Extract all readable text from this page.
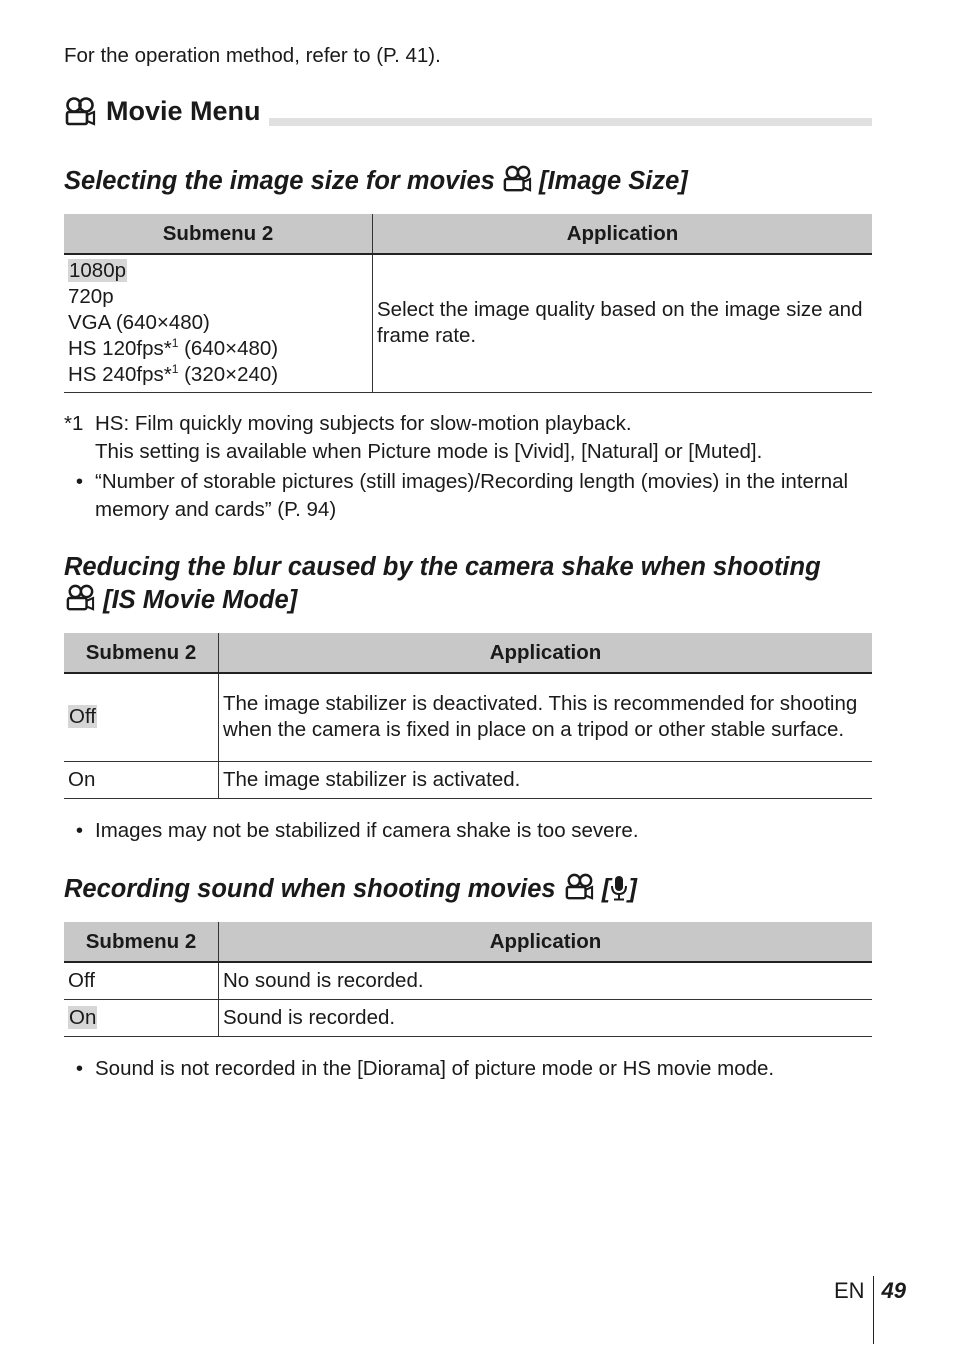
For the operation method, refer to (P. 41).
Movie Menu
Selecting the image size for movies [Image Size]
Submenu 2	Application

1080p
720p
VGA (640×480)
HS 120fps*$^1$ (640×480)
HS 240fps*$^1$ (320×240)	Select the image quality based on the image size and frame rate.
*1 HS: Film quickly moving subjects for slow-motion playback.
This setting is available when Picture mode is [Vivid], [Natural] or [Muted].
• “Number of storable pictures (still images)/Recording length (movies) in the internal memory and cards” (P. 94)
Reducing the blur caused by the camera shake when shooting
[IS Movie Mode]
Submenu 2	Application
Off	The image stabilizer is deactivated. This is recommended for shooting when the camera is fixed in place on a tripod or other stable surface.
On	The image stabilizer is activated.
• Images may not be stabilized if camera shake is too severe.
Recording sound when shooting movies [ ]
Submenu 2	Application
Off	No sound is recorded.
On	Sound is recorded.
• Sound is not recorded in the [Diorama] of picture mode or HS movie mode.
EN 49
